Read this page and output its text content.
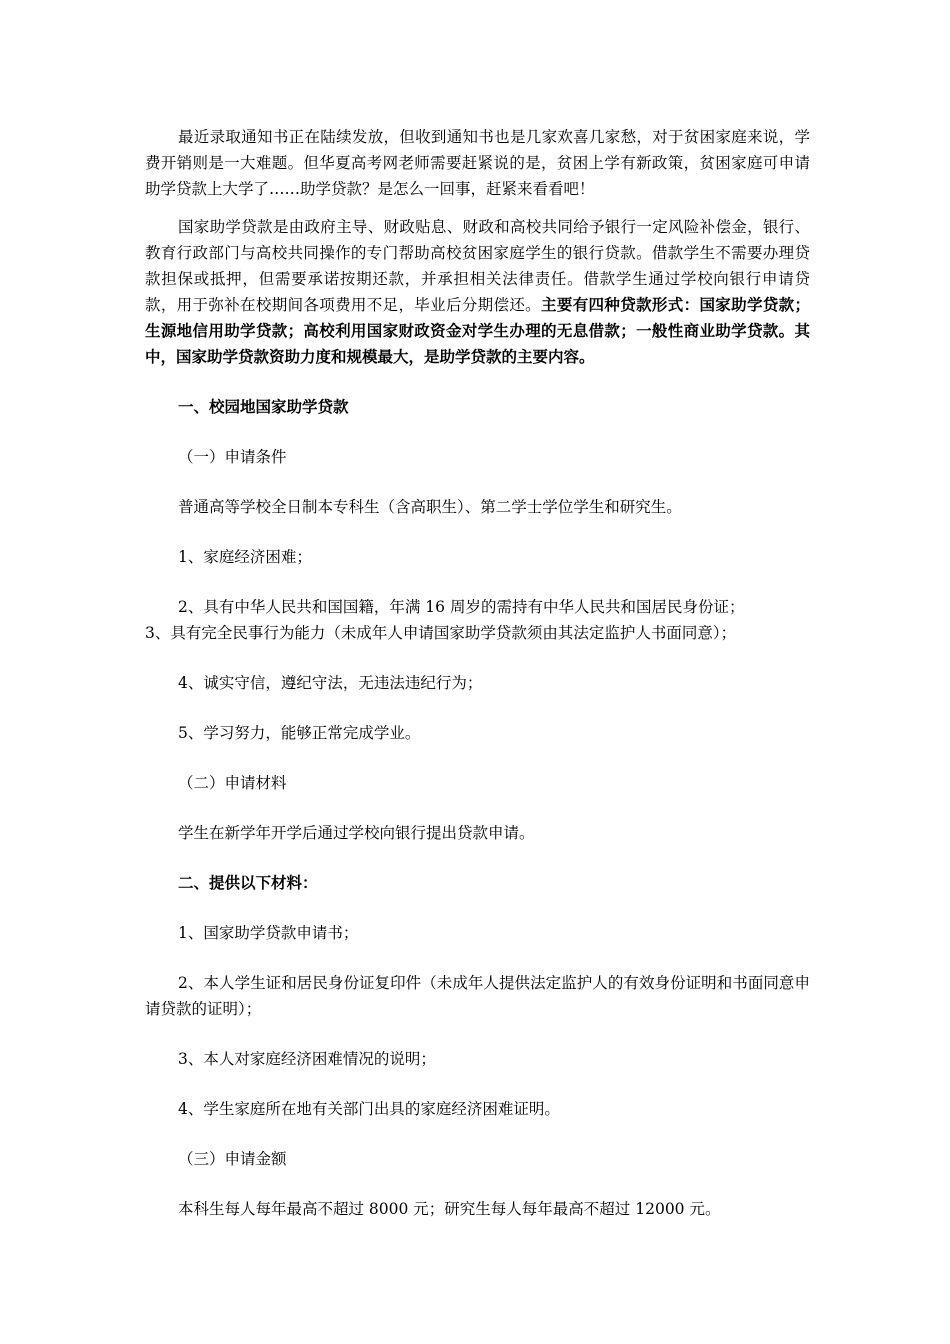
最近录取通知书正在陆续发放，但收到通知书也是几家欢喜几家愁，对于贫困家庭来说，学费开销则是一大难题。但华夏高考网老师需要赶紧说的是，贫困上学有新政策，贫困家庭可申请助学贷款上大学了……助学贷款？是怎么一回事，赶紧来看看吧！

国家助学贷款是由政府主导、财政贴息、财政和高校共同给予银行一定风险补偿金，银行、教育行政部门与高校共同操作的专门帮助高校贫困家庭学生的银行贷款。借款学生不需要办理贷款担保或抵押，但需要承诺按期还款，并承担相关法律责任。借款学生通过学校向银行申请贷款，用于弥补在校期间各项费用不足，毕业后分期偿还。主要有四种贷款形式：国家助学贷款；生源地信用助学贷款；高校利用国家财政资金对学生办理的无息借款；一般性商业助学贷款。其中，国家助学贷款资助力度和规模最大，是助学贷款的主要内容。

一、校园地国家助学贷款

（一）申请条件

普通高等学校全日制本专科生（含高职生）、第二学士学位学生和研究生。

1、家庭经济困难；

2、具有中华人民共和国国籍，年满 16 周岁的需持有中华人民共和国居民身份证；

3、具有完全民事行为能力（未成年人申请国家助学贷款须由其法定监护人书面同意）；

4、诚实守信，遵纪守法，无违法违纪行为；

5、学习努力，能够正常完成学业。

（二）申请材料

学生在新学年开学后通过学校向银行提出贷款申请。

二、提供以下材料：

1、国家助学贷款申请书；

2、本人学生证和居民身份证复印件（未成年人提供法定监护人的有效身份证明和书面同意申请贷款的证明）；

3、本人对家庭经济困难情况的说明；

4、学生家庭所在地有关部门出具的家庭经济困难证明。

（三）申请金额

本科生每人每年最高不超过 8000 元；研究生每人每年最高不超过 12000 元。
